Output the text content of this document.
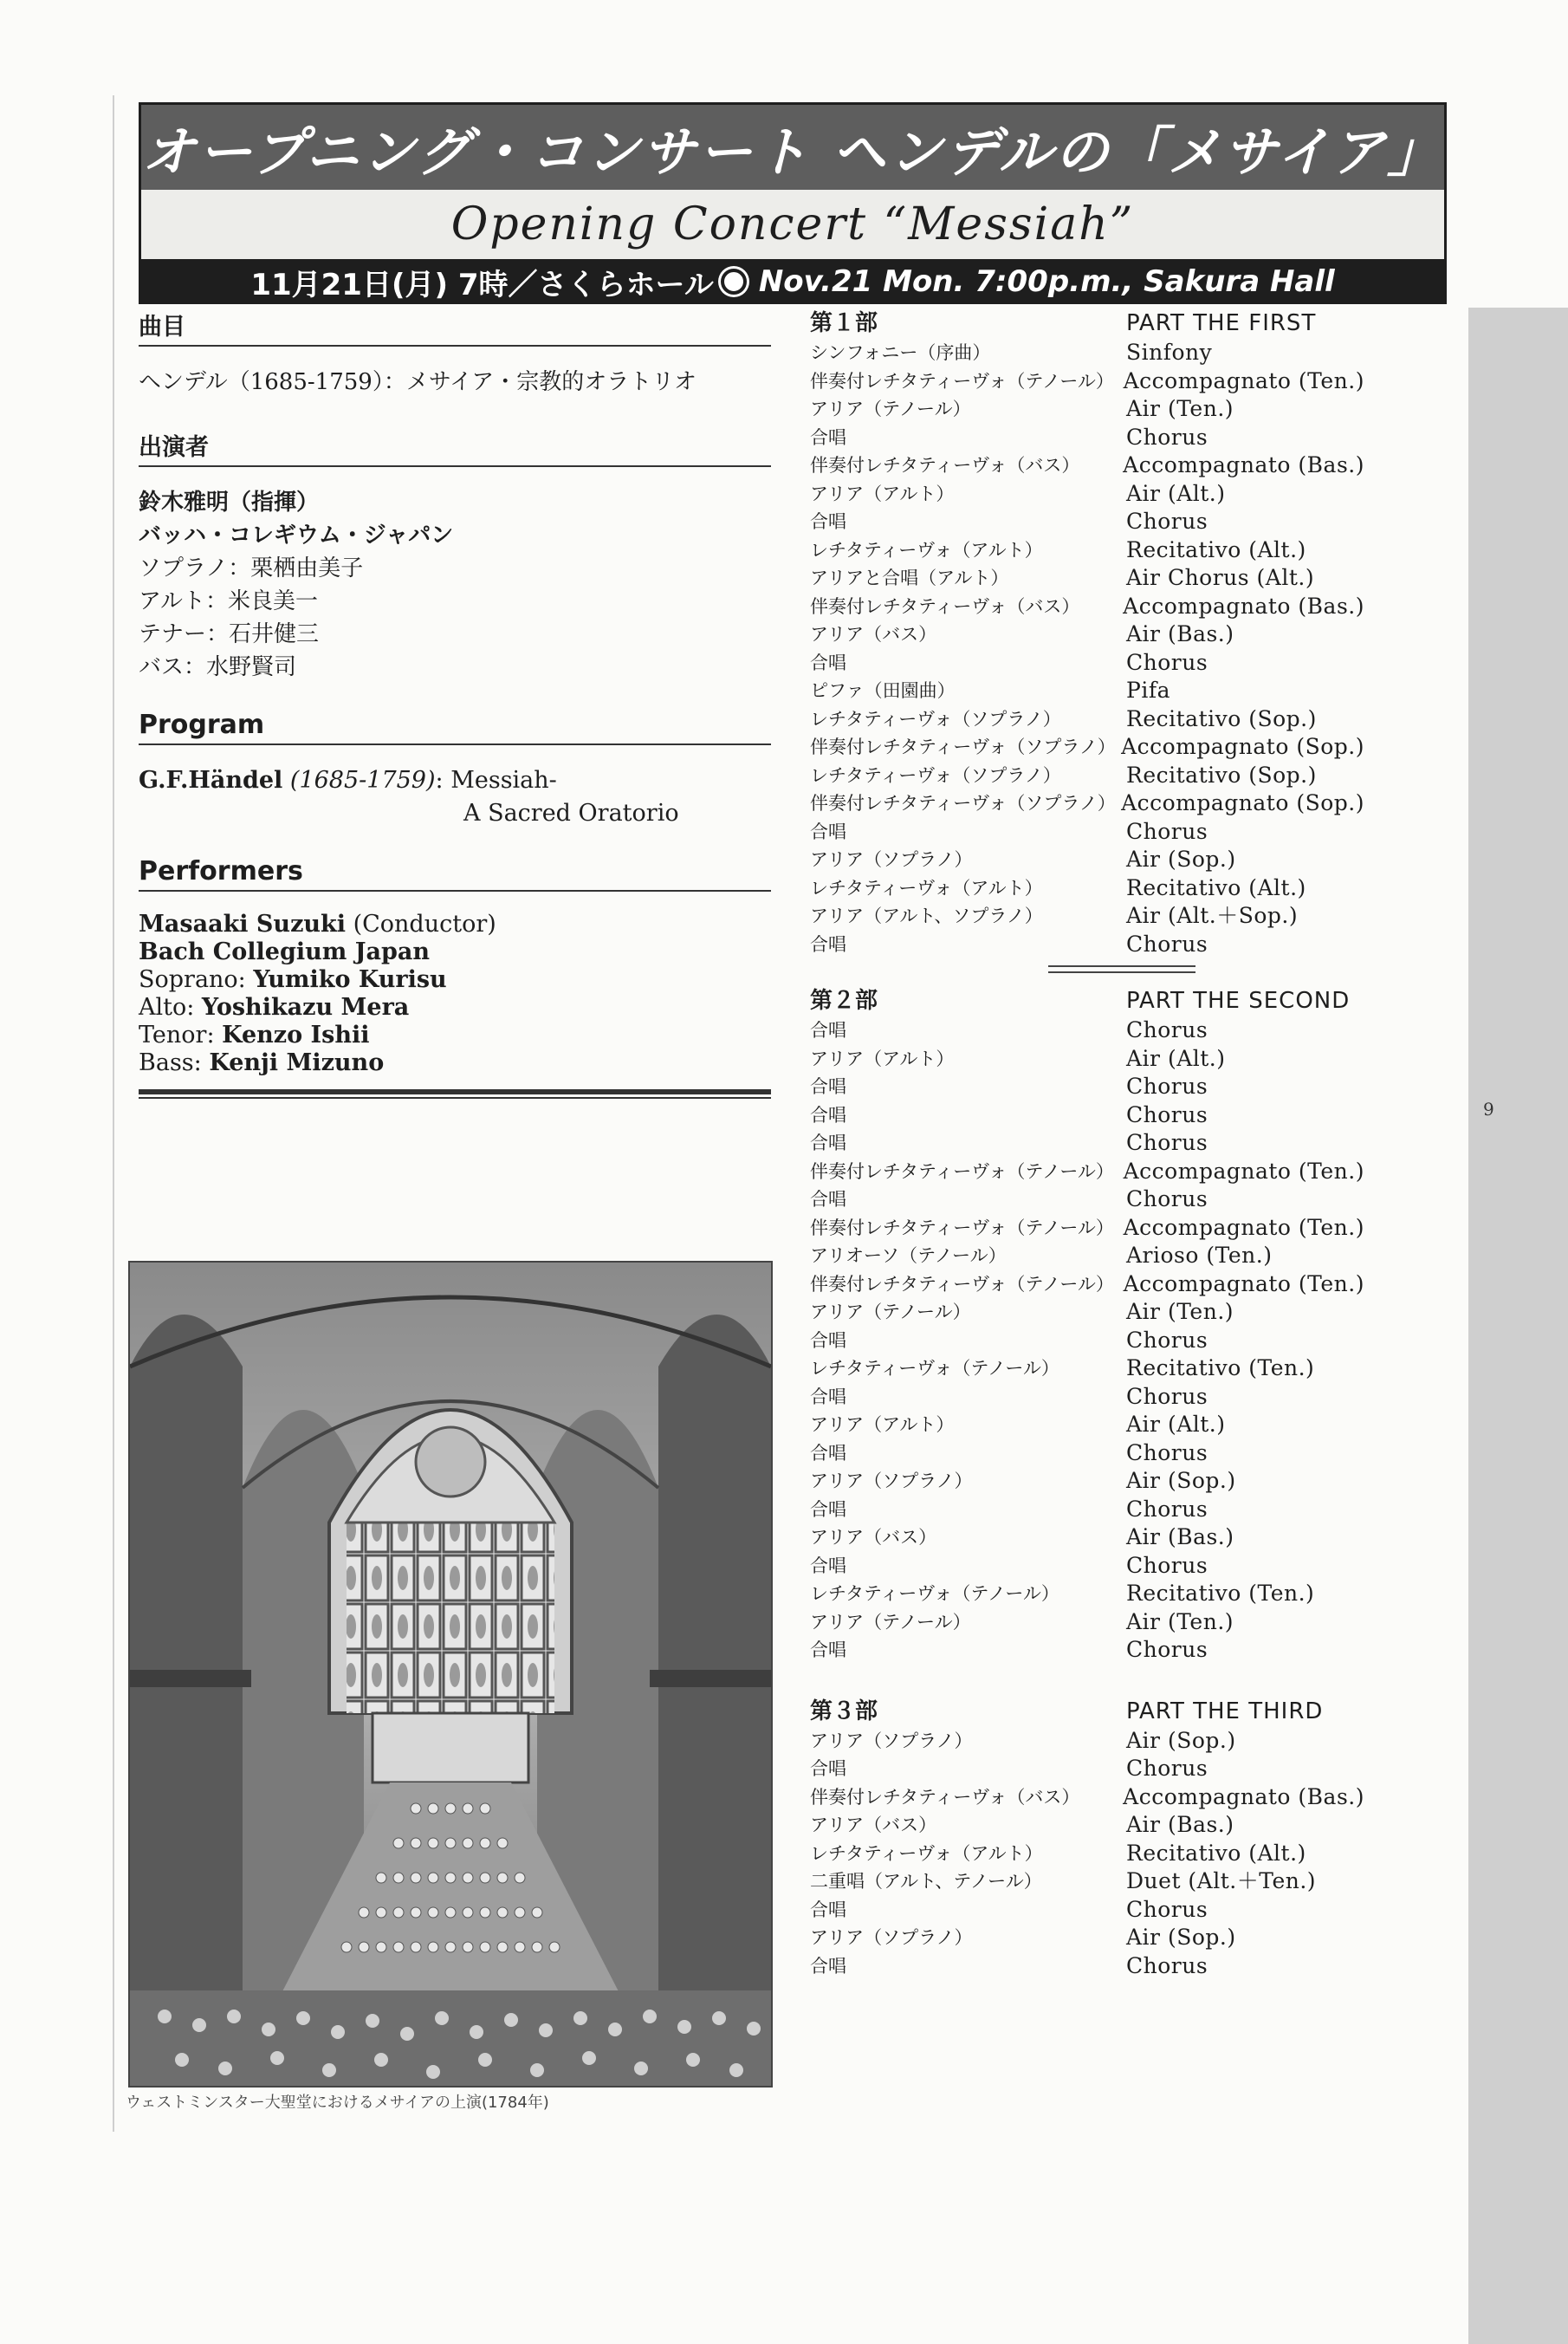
オープニング・コンサート ヘンデルの「メサイア」
Opening Concert “Messiah”
11月21日(月) 7時／さくらホール Nov.21 Mon. 7:00p.m., Sakura Hall
曲目
ヘンデル（1685-1759）：メサイア・宗教的オラトリオ
出演者
鈴木雅明（指揮）
バッハ・コレギウム・ジャパン
ソプラノ：栗栖由美子
アルト：米良美一
テナー：石井健三
バス：水野賢司
Program
G.F.Händel (1685-1759): Messiah-
A Sacred Oratorio
Performers
Masaaki Suzuki (Conductor)
Bach Collegium Japan
Soprano: Yumiko Kurisu
Alto: Yoshikazu Mera
Tenor: Kenzo Ishii
Bass: Kenji Mizuno
ウェストミンスター大聖堂におけるメサイアの上演(1784年)
第１部	PART THE FIRST
シンフォニー（序曲）	Sinfony
伴奏付レチタティーヴォ（テノール） Accompagnato (Ten.)
アリア（テノール）	Air (Ten.)
合唱	Chorus
伴奏付レチタティーヴォ（バス）	Accompagnato (Bas.)
アリア（アルト）	Air (Alt.)
合唱	Chorus
レチタティーヴォ（アルト）	Recitativo (Alt.)
アリアと合唱（アルト）	Air Chorus (Alt.)
伴奏付レチタティーヴォ（バス）	Accompagnato (Bas.)
アリア（バス）	Air (Bas.)
合唱	Chorus
ピファ（田園曲）	Pifa
レチタティーヴォ（ソプラノ）	Recitativo (Sop.)
伴奏付レチタティーヴォ（ソプラノ） Accompagnato (Sop.)
レチタティーヴォ（ソプラノ）	Recitativo (Sop.)
伴奏付レチタティーヴォ（ソプラノ） Accompagnato (Sop.)
合唱	Chorus
アリア（ソプラノ）	Air (Sop.)
レチタティーヴォ（アルト）	Recitativo (Alt.)
アリア（アルト、ソプラノ）	Air (Alt.＋Sop.)
合唱	Chorus
第２部	PART THE SECOND
合唱	Chorus
アリア（アルト）	Air (Alt.)
合唱	Chorus
合唱	Chorus
合唱	Chorus
伴奏付レチタティーヴォ（テノール） Accompagnato (Ten.)
合唱	Chorus
伴奏付レチタティーヴォ（テノール） Accompagnato (Ten.)
アリオーソ（テノール）	Arioso (Ten.)
伴奏付レチタティーヴォ（テノール） Accompagnato (Ten.)
アリア（テノール）	Air (Ten.)
合唱	Chorus
レチタティーヴォ（テノール）	Recitativo (Ten.)
合唱	Chorus
アリア（アルト）	Air (Alt.)
合唱	Chorus
アリア（ソプラノ）	Air (Sop.)
合唱	Chorus
アリア（バス）	Air (Bas.)
合唱	Chorus
レチタティーヴォ（テノール）	Recitativo (Ten.)
アリア（テノール）	Air (Ten.)
合唱	Chorus
第３部	PART THE THIRD
アリア（ソプラノ）	Air (Sop.)
合唱	Chorus
伴奏付レチタティーヴォ（バス）	Accompagnato (Bas.)
アリア（バス）	Air (Bas.)
レチタティーヴォ（アルト）	Recitativo (Alt.)
二重唱（アルト、テノール）	Duet (Alt.＋Ten.)
合唱	Chorus
アリア（ソプラノ）	Air (Sop.)
合唱	Chorus
9
